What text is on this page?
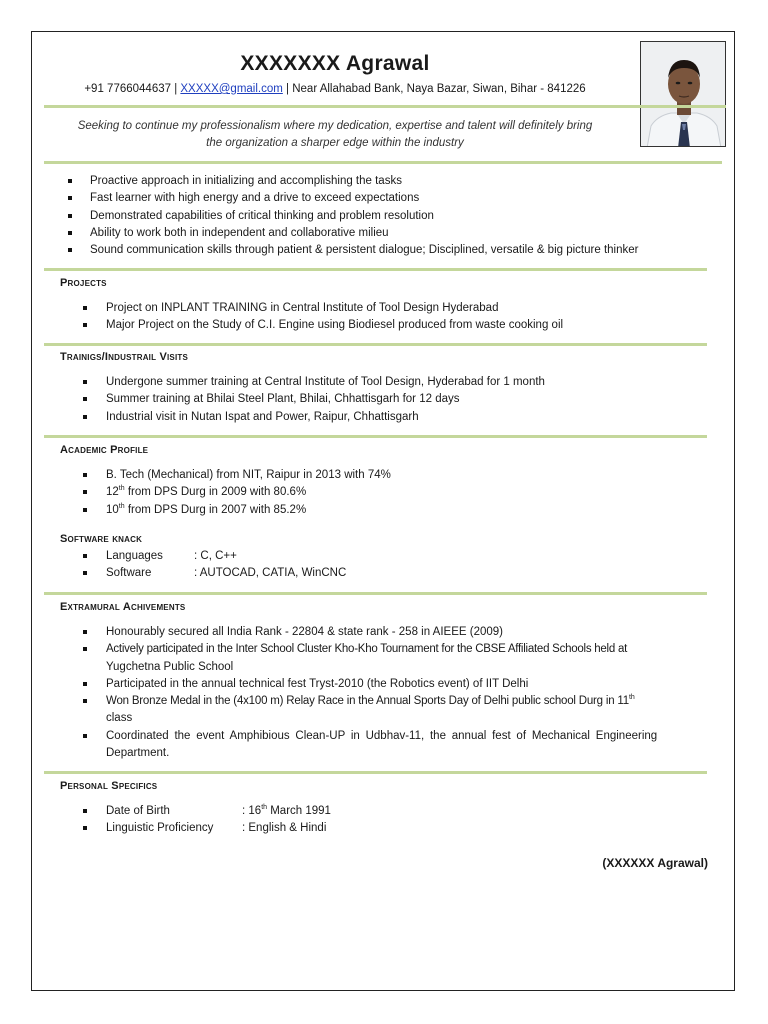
XXXXXXX Agrawal
+91 7766044637 | XXXXX@gmail.com | Near Allahabad Bank, Naya Bazar, Siwan, Bihar - 841226
Seeking to continue my professionalism where my dedication, expertise and talent will definitely bring
the organization a sharper edge within the industry
Proactive approach in initializing and accomplishing the tasks
Fast learner with high energy and a drive to exceed expectations
Demonstrated capabilities of critical thinking and problem resolution
Ability to work both in independent and collaborative milieu
Sound communication skills through patient & persistent dialogue; Disciplined, versatile & big picture thinker
Projects
Project on INPLANT TRAINING in Central Institute of Tool Design Hyderabad
Major Project on the Study of C.I. Engine using Biodiesel produced from waste cooking oil
Trainigs/Industrail Visits
Undergone summer training at Central Institute of Tool Design, Hyderabad for 1 month
Summer training at Bhilai Steel Plant, Bhilai, Chhattisgarh for 12 days
Industrial visit in Nutan Ispat and Power, Raipur, Chhattisgarh
Academic Profile
B. Tech (Mechanical) from NIT, Raipur in 2013 with 74%
12th from DPS Durg in 2009 with 80.6%
10th from DPS Durg in 2007 with 85.2%
Software knack
Languages	: C, C++
Software	: AUTOCAD, CATIA, WinCNC
Extramural Achivements
Honourably secured all India Rank - 22804 & state rank - 258 in AIEEE (2009)
Actively participated in the Inter School Cluster Kho-Kho Tournament for the CBSE Affiliated Schools held at
Yugchetna Public School
Participated in the annual technical fest Tryst-2010 (the Robotics event) of IIT Delhi
Won Bronze Medal in the (4x100 m) Relay Race in the Annual Sports Day of Delhi public school Durg in 11th
class
Coordinated the event Amphibious Clean-UP in Udbhav-11, the annual fest of Mechanical Engineering
Department.
Personal Specifics
Date of Birth	: 16th March 1991
Linguistic Proficiency : English & Hindi
(XXXXXX Agrawal)
